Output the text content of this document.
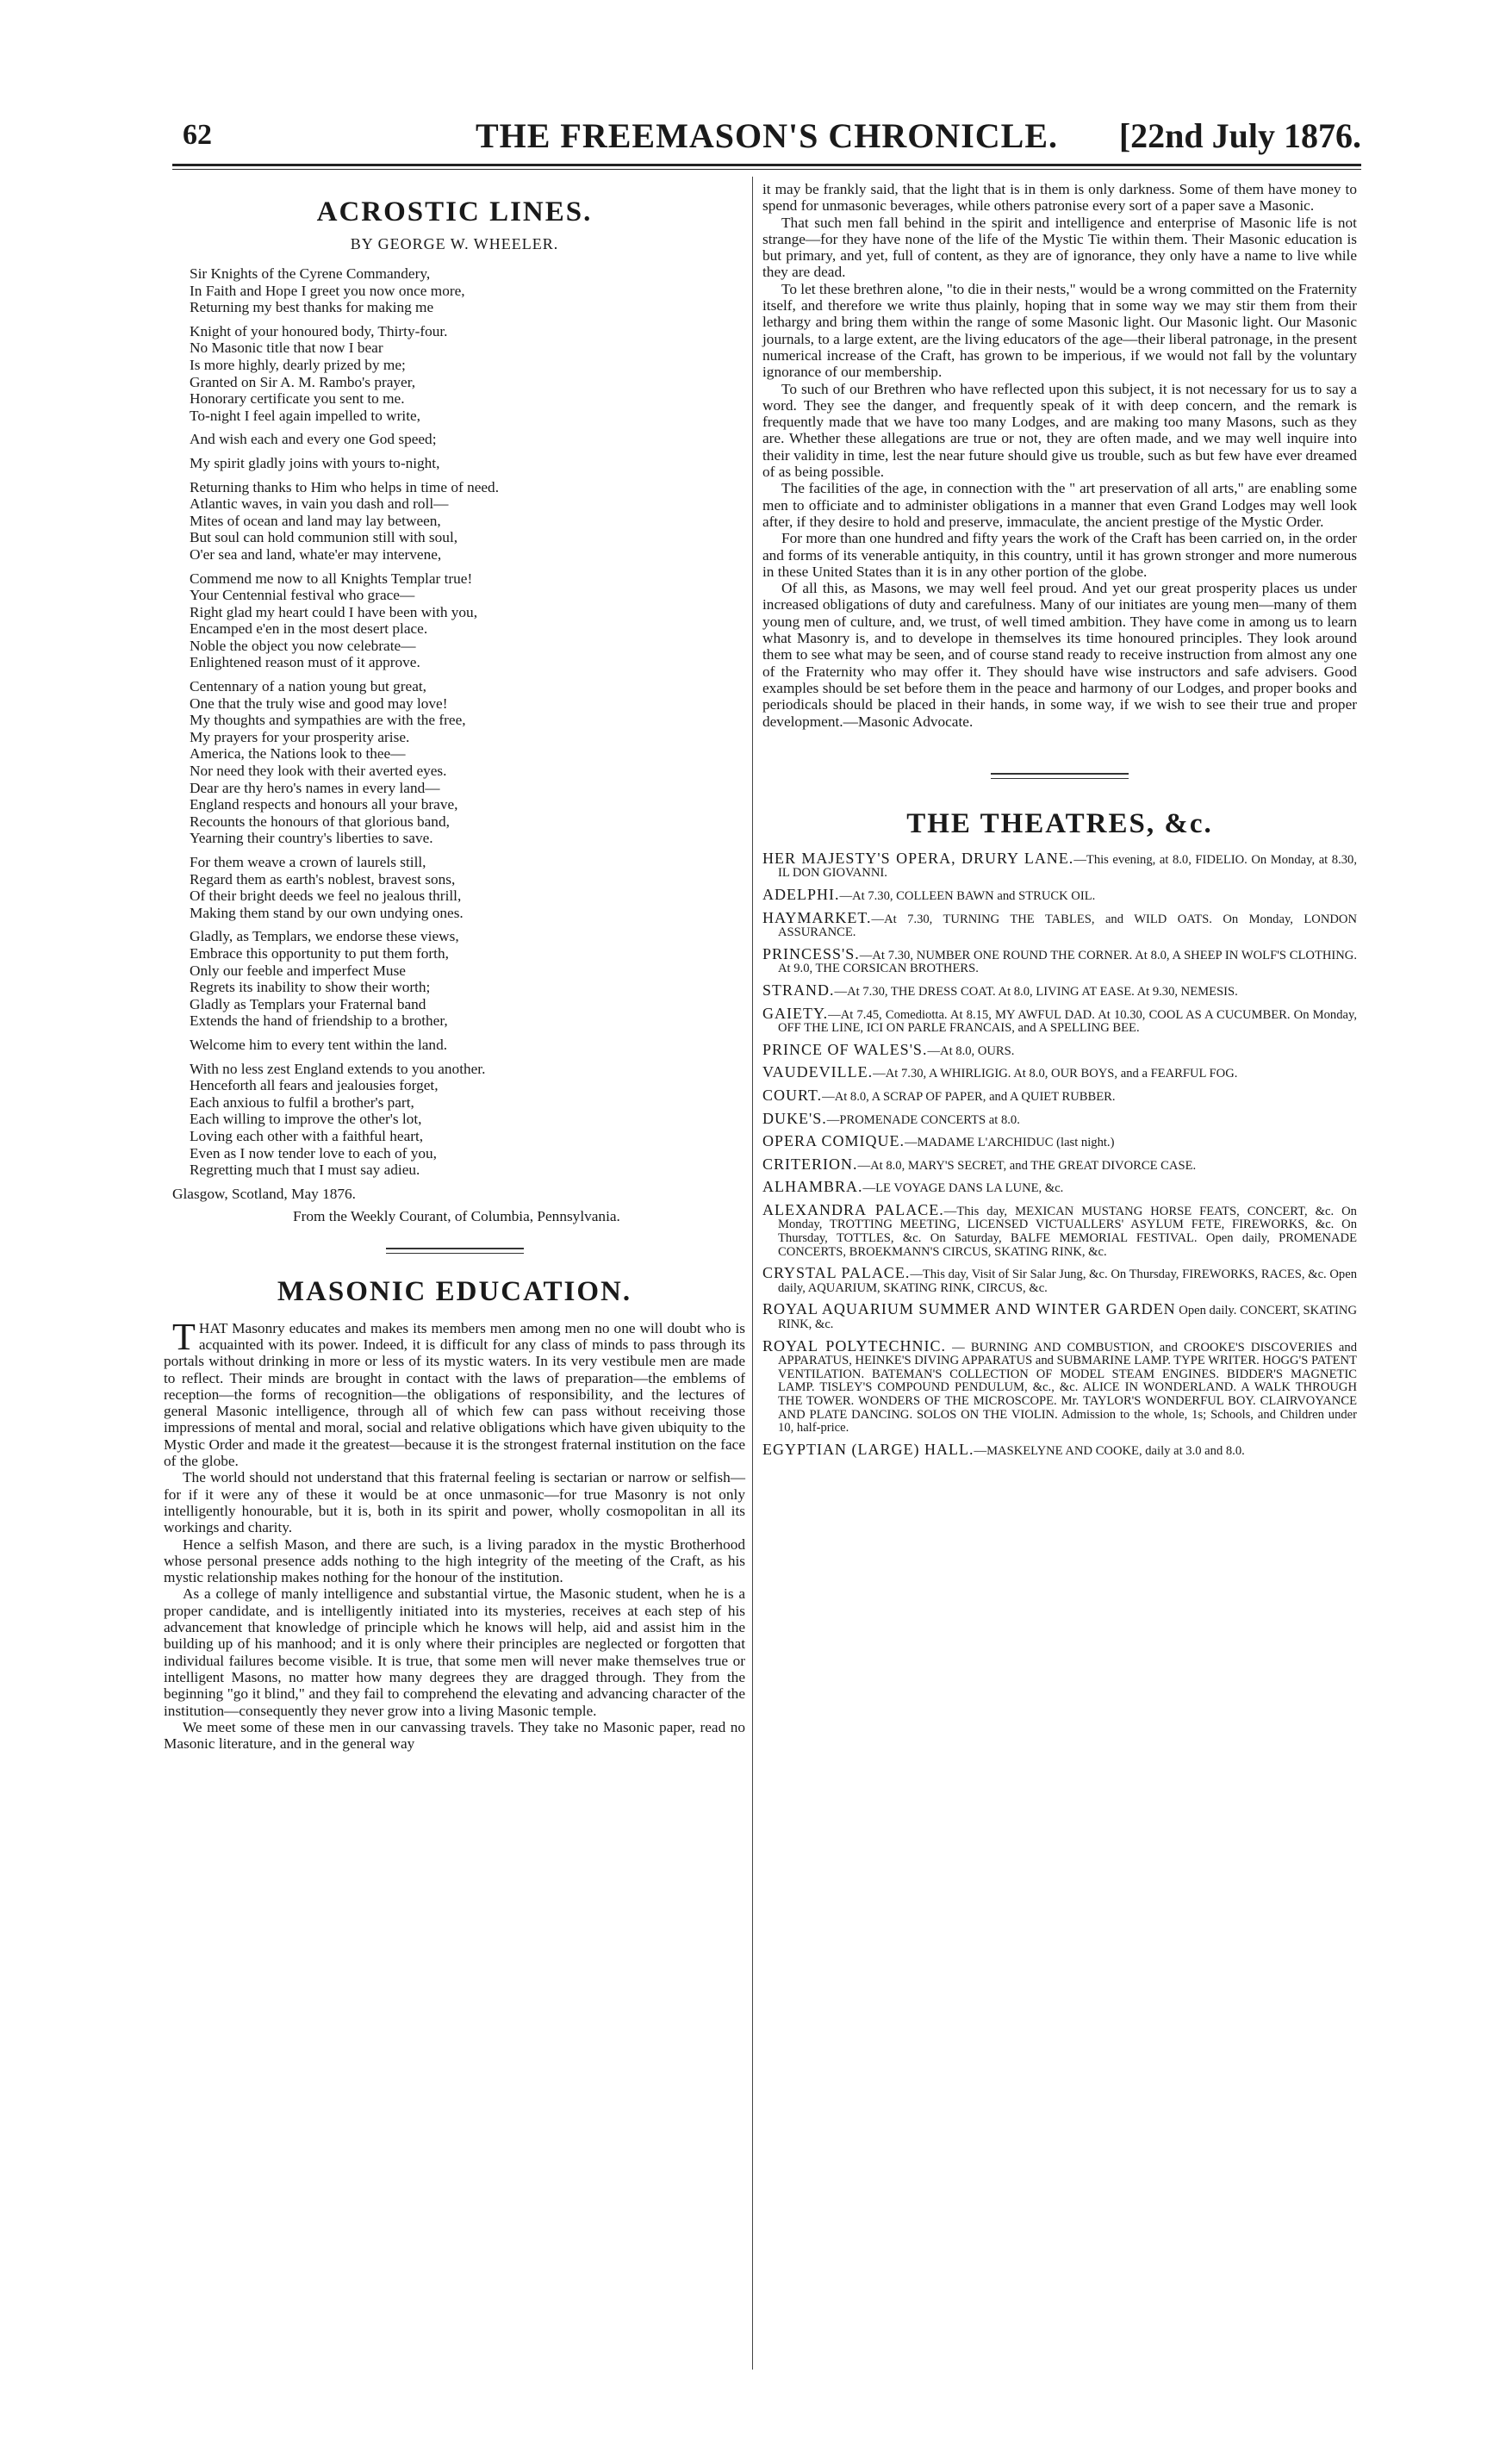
62	THE FREEMASON'S CHRONICLE.	[22nd July 1876.
ACROSTIC LINES.
BY GEORGE W. WHEELER.
Sir Knights of the Cyrene Commandery,
In Faith and Hope I greet you now once more,
Returning my best thanks for making me
Knight of your honoured body, Thirty-four.
No Masonic title that now I bear
Is more highly, dearly prized by me;
Granted on Sir A. M. Rambo's prayer,
Honorary certificate you sent to me.
To-night I feel again impelled to write,
And wish each and every one God speed;
My spirit gladly joins with yours to-night,
Returning thanks to Him who helps in time of need.
Atlantic waves, in vain you dash and roll—
Mites of ocean and land may lay between,
But soul can hold communion still with soul,
O'er sea and land, whate'er may intervene,
Commend me now to all Knights Templar true!
Your Centennial festival who grace—
Right glad my heart could I have been with you,
Encamped e'en in the most desert place.
Noble the object you now celebrate—
Enlightened reason must of it approve.
Centennary of a nation young but great,
One that the truly wise and good may love!
My thoughts and sympathies are with the free,
My prayers for your prosperity arise.
America, the Nations look to thee—
Nor need they look with their averted eyes.
Dear are thy hero's names in every land—
England respects and honours all your brave,
Recounts the honours of that glorious band,
Yearning their country's liberties to save.
For them weave a crown of laurels still,
Regard them as earth's noblest, bravest sons,
Of their bright deeds we feel no jealous thrill,
Making them stand by our own undying ones.
Gladly, as Templars, we endorse these views,
Embrace this opportunity to put them forth,
Only our feeble and imperfect Muse
Regrets its inability to show their worth;
Gladly as Templars your Fraternal band
Extends the hand of friendship to a brother,
Welcome him to every tent within the land.
With no less zest England extends to you another.
Henceforth all fears and jealousies forget,
Each anxious to fulfil a brother's part,
Each willing to improve the other's lot,
Loving each other with a faithful heart,
Even as I now tender love to each of you,
Regretting much that I must say adieu.
Glasgow, Scotland, May 1876.
From the Weekly Courant, of Columbia, Pennsylvania.
MASONIC EDUCATION.

THAT Masonry educates and makes its members men among men no one will doubt who is acquainted with its power. Indeed, it is difficult for any class of minds to pass through its portals without drinking in more or less of its mystic waters. In its very vestibule men are made to reflect. Their minds are brought in contact with the laws of preparation—the emblems of reception—the forms of recognition—the obligations of responsibility, and the lectures of general Masonic intelligence, through all of which few can pass without receiving those impressions of mental and moral, social and relative obligations which have given ubiquity to the Mystic Order and made it the greatest—because it is the strongest fraternal institution on the face of the globe.

The world should not understand that this fraternal feeling is sectarian or narrow or selfish—for if it were any of these it would be at once unmasonic—for true Masonry is not only intelligently honourable, but it is, both in its spirit and power, wholly cosmopolitan in all its workings and charity.

Hence a selfish Mason, and there are such, is a living paradox in the mystic Brotherhood whose personal presence adds nothing to the high integrity of the meeting of the Craft, as his mystic relationship makes nothing for the honour of the institution.

As a college of manly intelligence and substantial virtue, the Masonic student, when he is a proper candidate, and is intelligently initiated into its mysteries, receives at each step of his advancement that knowledge of principle which he knows will help, aid and assist him in the building up of his manhood; and it is only where their principles are neglected or forgotten that individual failures become visible. It is true, that some men will never make themselves true or intelligent Masons, no matter how many degrees they are dragged through. They from the beginning "go it blind," and they fail to comprehend the elevating and advancing character of the institution—consequently they never grow into a living Masonic temple.

We meet some of these men in our canvassing travels. They take no Masonic paper, read no Masonic literature, and in the general way

it may be frankly said, that the light that is in them is only darkness. Some of them have money to spend for unmasonic beverages, while others patronise every sort of a paper save a Masonic.

That such men fall behind in the spirit and intelligence and enterprise of Masonic life is not strange—for they have none of the life of the Mystic Tie within them. Their Masonic education is but primary, and yet, full of content, as they are of ignorance, they only have a name to live while they are dead.

To let these brethren alone, "to die in their nests," would be a wrong committed on the Fraternity itself, and therefore we write thus plainly, hoping that in some way we may stir them from their lethargy and bring them within the range of some Masonic light. Our Masonic light. Our Masonic journals, to a large extent, are the living educators of the age—their liberal patronage, in the present numerical increase of the Craft, has grown to be imperious, if we would not fall by the voluntary ignorance of our membership.

To such of our Brethren who have reflected upon this subject, it is not necessary for us to say a word. They see the danger, and frequently speak of it with deep concern, and the remark is frequently made that we have too many Lodges, and are making too many Masons, such as they are. Whether these allegations are true or not, they are often made, and we may well inquire into their validity in time, lest the near future should give us trouble, such as but few have ever dreamed of as being possible.

The facilities of the age, in connection with the " art preservation of all arts," are enabling some men to officiate and to administer obligations in a manner that even Grand Lodges may well look after, if they desire to hold and preserve, immaculate, the ancient prestige of the Mystic Order.

For more than one hundred and fifty years the work of the Craft has been carried on, in the order and forms of its venerable antiquity, in this country, until it has grown stronger and more numerous in these United States than it is in any other portion of the globe.

Of all this, as Masons, we may well feel proud. And yet our great prosperity places us under increased obligations of duty and carefulness. Many of our initiates are young men—many of them young men of culture, and, we trust, of well timed ambition. They have come in among us to learn what Masonry is, and to develope in themselves its time honoured principles. They look around them to see what may be seen, and of course stand ready to receive instruction from almost any one of the Fraternity who may offer it. They should have wise instructors and safe advisers. Good examples should be set before them in the peace and harmony of our Lodges, and proper books and periodicals should be placed in their hands, in some way, if we wish to see their true and proper development.—Masonic Advocate.

THE THEATRES, &c.
HER MAJESTY'S OPERA, DRURY LANE.—This evening, at 8.0, FIDELIO. On Monday, at 8.30, IL DON GIOVANNI.
ADELPHI.—At 7.30, COLLEEN BAWN and STRUCK OIL.
HAYMARKET.—At 7.30, TURNING THE TABLES, and WILD OATS. On Monday, LONDON ASSURANCE.
PRINCESS'S.—At 7.30, NUMBER ONE ROUND THE CORNER. At 8.0, A SHEEP IN WOLF'S CLOTHING. At 9.0, THE CORSICAN BROTHERS.
STRAND.—At 7.30, THE DRESS COAT. At 8.0, LIVING AT EASE. At 9.30, NEMESIS.
GAIETY.—At 7.45, Comediotta. At 8.15, MY AWFUL DAD. At 10.30, COOL AS A CUCUMBER. On Monday, OFF THE LINE, ICI ON PARLE FRANCAIS, and A SPELLING BEE.
PRINCE OF WALES'S.—At 8.0, OURS.
VAUDEVILLE.—At 7.30, A WHIRLIGIG. At 8.0, OUR BOYS, and a FEARFUL FOG.
COURT.—At 8.0, A SCRAP OF PAPER, and A QUIET RUBBER.
DUKE'S.—PROMENADE CONCERTS at 8.0.
OPERA COMIQUE.—MADAME L'ARCHIDUC (last night.)
CRITERION.—At 8.0, MARY'S SECRET, and THE GREAT DIVORCE CASE.
ALHAMBRA.—LE VOYAGE DANS LA LUNE, &c.
ALEXANDRA PALACE.—This day, MEXICAN MUSTANG HORSE FEATS, CONCERT, &c. On Monday, TROTTING MEETING, LICENSED VICTUALLERS' ASYLUM FETE, FIREWORKS, &c. On Thursday, TOTTLES, &c. On Saturday, BALFE MEMORIAL FESTIVAL. Open daily, PROMENADE CONCERTS, BROEKMANN'S CIRCUS, SKATING RINK, &c.
CRYSTAL PALACE.—This day, Visit of Sir Salar Jung, &c. On Thursday, FIREWORKS, RACES, &c. Open daily, AQUARIUM, SKATING RINK, CIRCUS, &c.
ROYAL AQUARIUM SUMMER AND WINTER GARDEN Open daily. CONCERT, SKATING RINK, &c.
ROYAL POLYTECHNIC. — BURNING AND COMBUSTION, and CROOKE'S DISCOVERIES and APPARATUS, HEINKE'S DIVING APPARATUS and SUBMARINE LAMP. TYPE WRITER. HOGG'S PATENT VENTILATION. BATEMAN'S COLLECTION OF MODEL STEAM ENGINES. BIDDER'S MAGNETIC LAMP. TISLEY'S COMPOUND PENDULUM, &c., &c. ALICE IN WONDERLAND. A WALK THROUGH THE TOWER. WONDERS OF THE MICROSCOPE. Mr. TAYLOR'S WONDERFUL BOY. CLAIRVOYANCE AND PLATE DANCING. SOLOS ON THE VIOLIN. Admission to the whole, 1s; Schools, and Children under 10, half-price.
EGYPTIAN (LARGE) HALL.—MASKELYNE AND COOKE, daily at 3.0 and 8.0.
